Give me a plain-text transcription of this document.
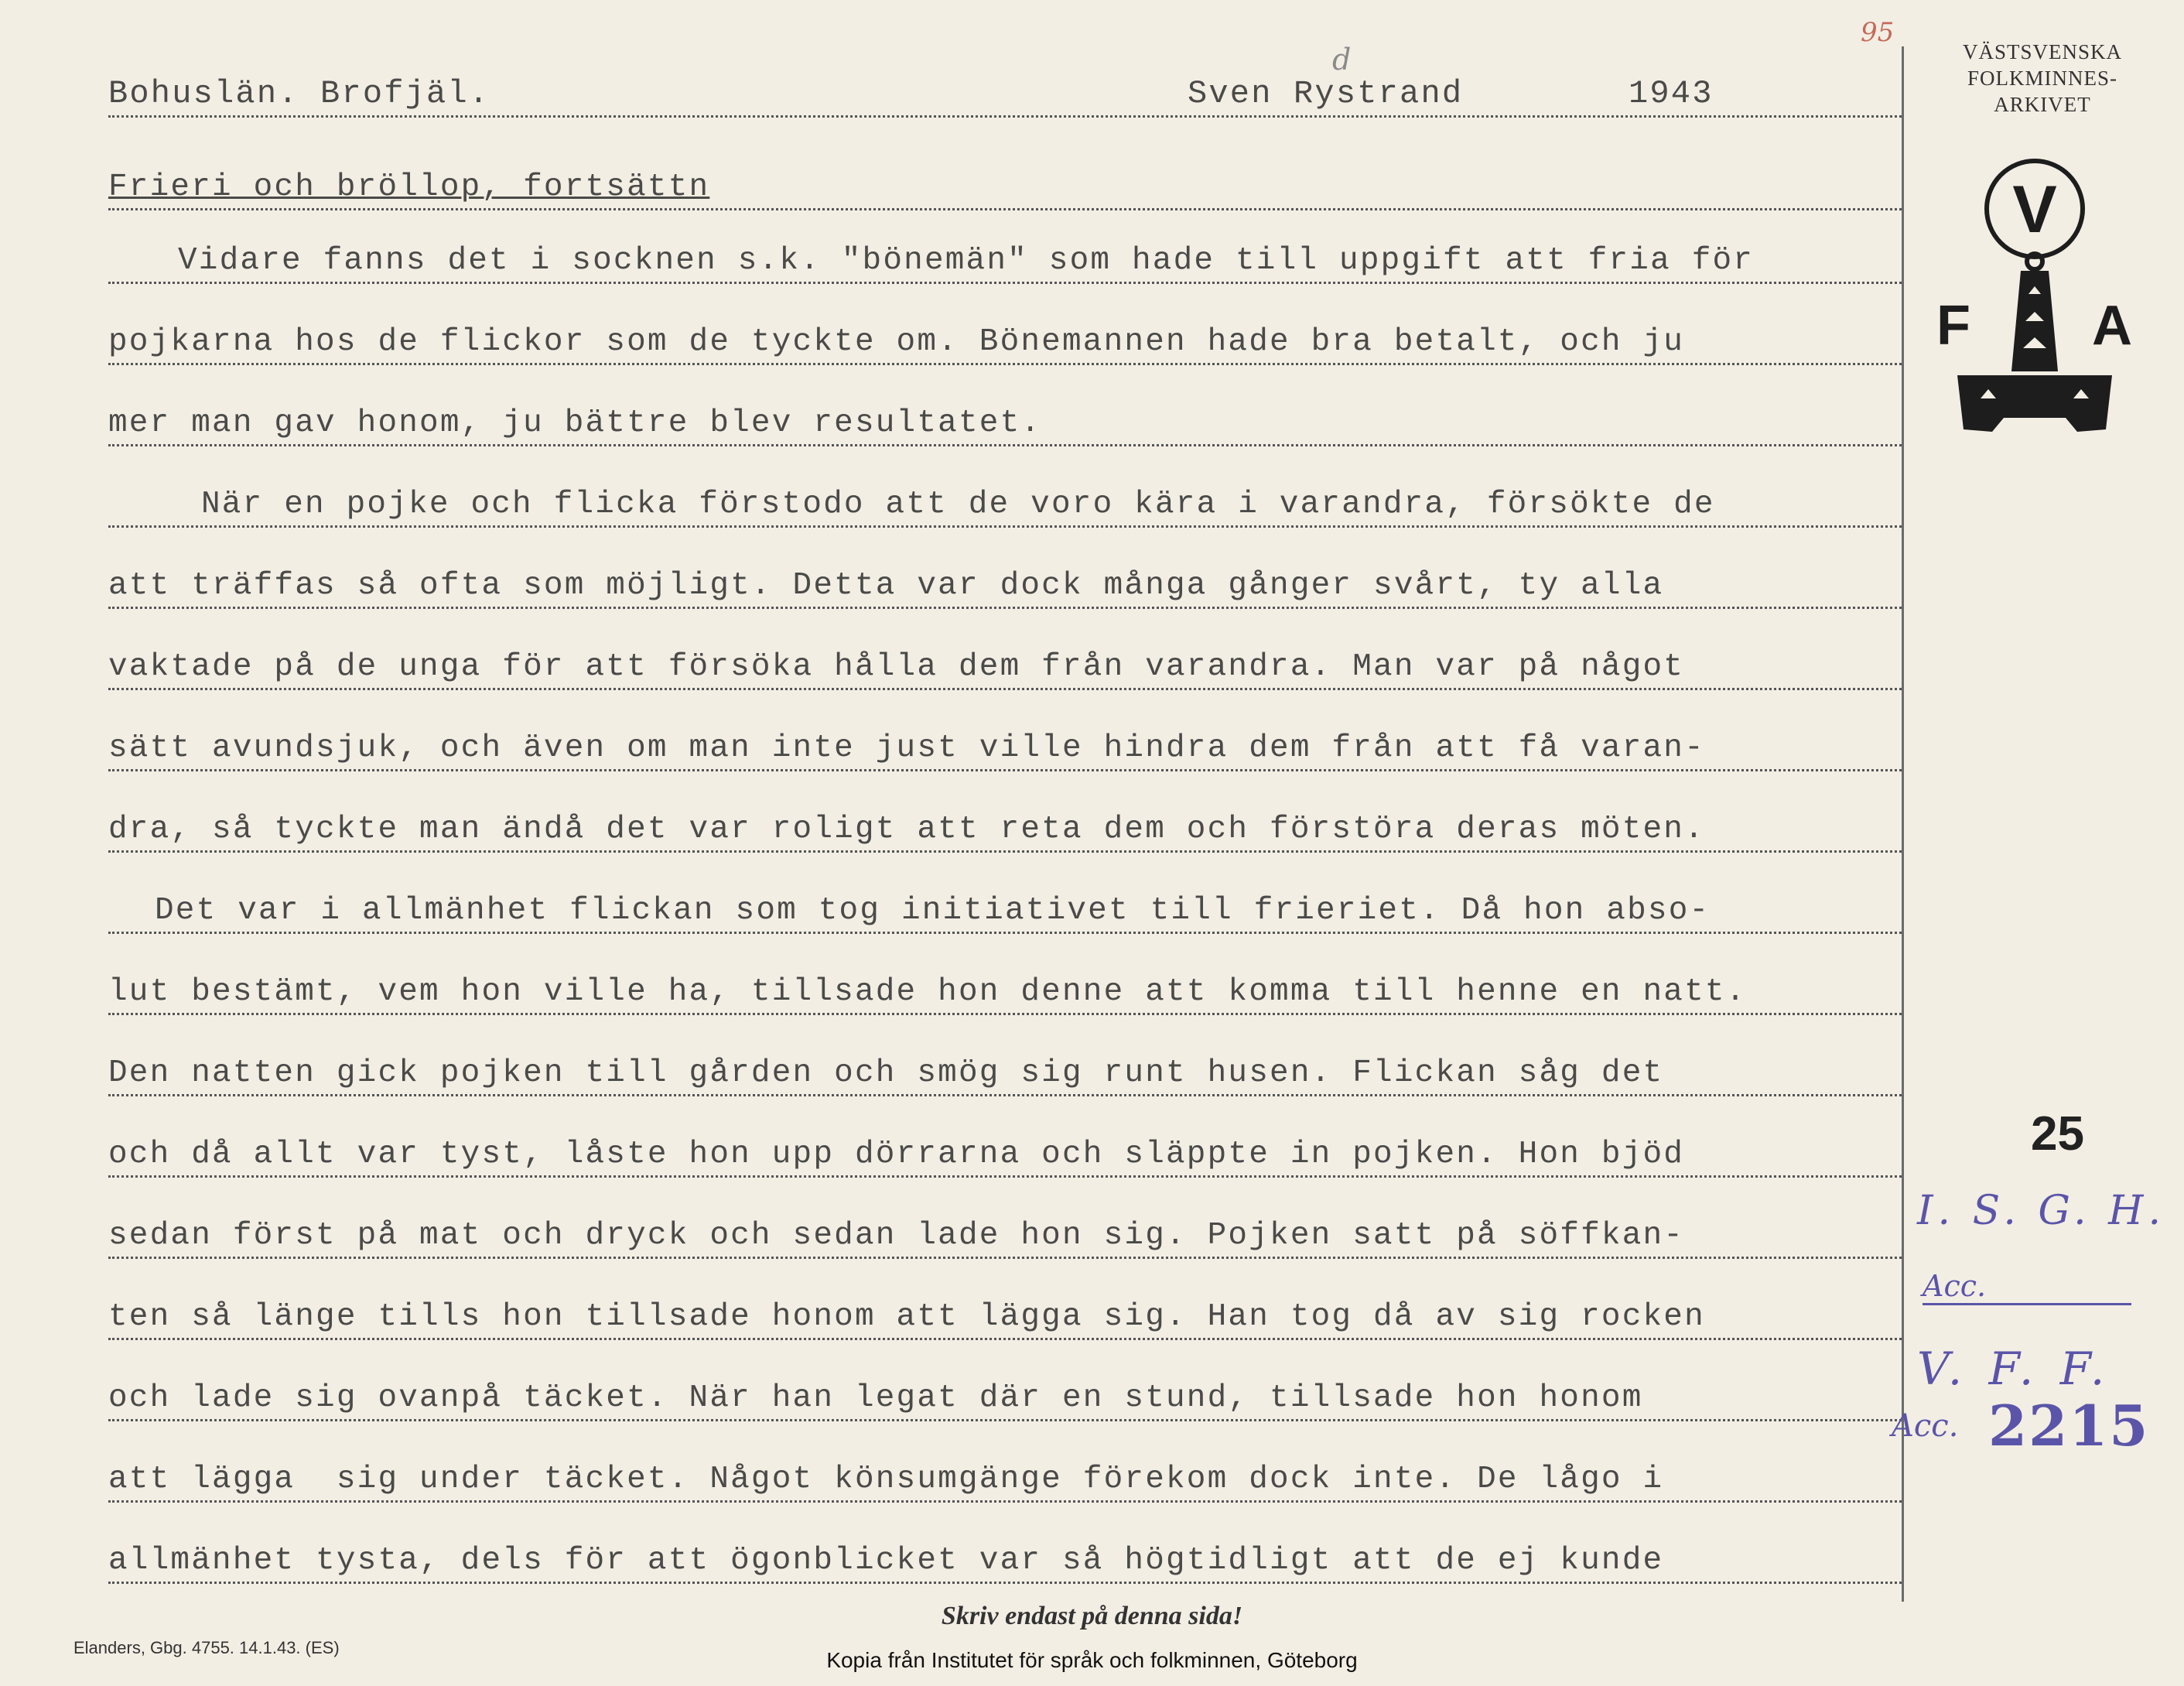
95
d
Bohuslän. Brofjäl.	Sven Rystrand	1943
Frieri och bröllop, fortsättn
Vidare fanns det i socknen s.k. "bönemän" som hade till uppgift att fria för
pojkarna hos de flickor som de tyckte om. Bönemannen hade bra betalt, och ju
mer man gav honom, ju bättre blev resultatet.
När en pojke och flicka förstodo att de voro kära i varandra, försökte de
att träffas så ofta som möjligt. Detta var dock många gånger svårt, ty alla
vaktade på de unga för att försöka hålla dem från varandra. Man var på något
sätt avundsjuk, och även om man inte just ville hindra dem från att få varan-
dra, så tyckte man ändå det var roligt att reta dem och förstöra deras möten.
Det var i allmänhet flickan som tog initiativet till frieriet. Då hon abso-
lut bestämt, vem hon ville ha, tillsade hon denne att komma till henne en natt.
Den natten gick pojken till gården och smög sig runt husen. Flickan såg det
och då allt var tyst, låste hon upp dörrarna och släppte in pojken. Hon bjöd
sedan först på mat och dryck och sedan lade hon sig. Pojken satt på söffkan-
ten så länge tills hon tillsade honom att lägga sig. Han tog då av sig rocken
och lade sig ovanpå täcket. När han legat där en stund, tillsade hon honom
att lägga  sig under täcket. Något könsumgänge förekom dock inte. De lågo i
allmänhet tysta, dels för att ögonblicket var så högtidligt att de ej kunde
VÄSTSVENSKA
FOLKMINNES-
ARKIVET
V
F A
25
I. S. G. H.
Acc.
V. F. F.
Acc. 2215
Skriv endast på denna sida!
Elanders, Gbg. 4755. 14.1.43. (ES)
Kopia från Institutet för språk och folkminnen, Göteborg
